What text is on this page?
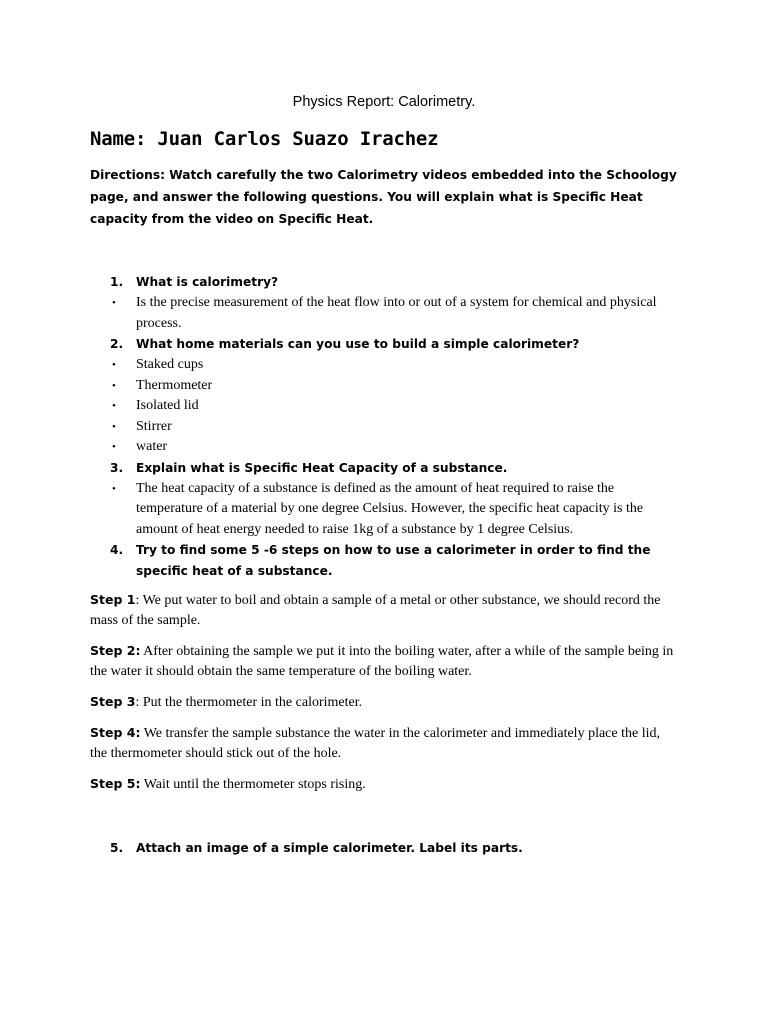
Physics Report: Calorimetry.
Name: Juan Carlos Suazo Irachez
Directions: Watch carefully the two Calorimetry videos embedded into the Schoology page, and answer the following questions. You will explain what is Specific Heat capacity from the video on Specific Heat.
1.	What is calorimetry?
•	Is the precise measurement of the heat flow into or out of a system for chemical and physical process.
2.	What home materials can you use to build a simple calorimeter?
•	Staked cups
•	Thermometer
•	Isolated lid
•	Stirrer
•	water
3.	Explain what is Specific Heat Capacity of a substance.
•	The heat capacity of a substance is defined as the amount of heat required to raise the temperature of a material by one degree Celsius. However, the specific heat capacity is the amount of heat energy needed to raise 1kg of a substance by 1 degree Celsius.
4.	Try to find some 5 -6 steps on how to use a calorimeter in order to find the specific heat of a substance.
Step 1: We put water to boil and obtain a sample of a metal or other substance, we should record the mass of the sample.
Step 2: After obtaining the sample we put it into the boiling water, after a while of the sample being in the water it should obtain the same temperature of the boiling water.
Step 3: Put the thermometer in the calorimeter.
Step 4: We transfer the sample substance the water in the calorimeter and immediately place the lid, the thermometer should stick out of the hole.
Step 5: Wait until the thermometer stops rising.
5.	Attach an image of a simple calorimeter. Label its parts.
